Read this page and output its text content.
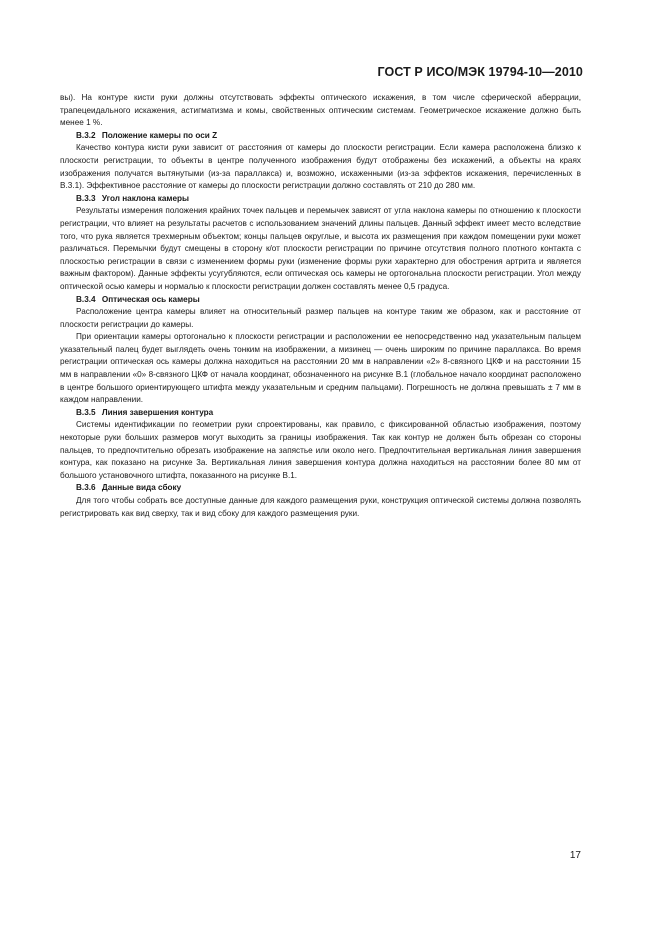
ГОСТ Р ИСО/МЭК 19794-10—2010

вы). На контуре кисти руки должны отсутствовать эффекты оптического искажения, в том числе сферической аберрации, трапецеидального искажения, астигматизма и комы, свойственных оптическим системам. Геометрическое искажение должно быть менее 1 %.

B.3.2 Положение камеры по оси Z

Качество контура кисти руки зависит от расстояния от камеры до плоскости регистрации. Если камера расположена близко к плоскости регистрации, то объекты в центре полученного изображения будут отображены без искажений, а объекты на краях изображения получатся вытянутыми (из-за параллакса) и, возможно, искаженными (из-за эффектов искажения, перечисленных в B.3.1). Эффективное расстояние от камеры до плоскости регистрации должно составлять от 210 до 280 мм.

B.3.3 Угол наклона камеры

Результаты измерения положения крайних точек пальцев и перемычек зависят от угла наклона камеры по отношению к плоскости регистрации, что влияет на результаты расчетов с использованием значений длины пальцев. Данный эффект имеет место вследствие того, что рука является трехмерным объектом; концы пальцев округлые, и высота их размещения при каждом помещении руки может различаться. Перемычки будут смещены в сторону к/от плоскости регистрации по причине отсутствия полного плотного контакта с плоскостью регистрации в связи с изменением формы руки (изменение формы руки характерно для обострения артрита и является важным фактором). Данные эффекты усугубляются, если оптическая ось камеры не ортогональна плоскости регистрации. Угол между оптической осью камеры и нормалью к плоскости регистрации должен составлять менее 0,5 градуса.

B.3.4 Оптическая ось камеры

Расположение центра камеры влияет на относительный размер пальцев на контуре таким же образом, как и расстояние от плоскости регистрации до камеры.

При ориентации камеры ортогонально к плоскости регистрации и расположении ее непосредственно над указательным пальцем указательный палец будет выглядеть очень тонким на изображении, а мизинец — очень широким по причине параллакса. Во время регистрации оптическая ось камеры должна находиться на расстоянии 20 мм в направлении «2» 8-связного ЦКФ и на расстоянии 15 мм в направлении «0» 8-связного ЦКФ от начала координат, обозначенного на рисунке B.1 (глобальное начало координат расположено в центре большого ориентирующего штифта между указательным и средним пальцами). Погрешность не должна превышать ± 7 мм в каждом направлении.

B.3.5 Линия завершения контура

Системы идентификации по геометрии руки спроектированы, как правило, с фиксированной областью изображения, поэтому некоторые руки больших размеров могут выходить за границы изображения. Так как контур не должен быть обрезан со стороны пальцев, то предпочтительно обрезать изображение на запястье или около него. Предпочтительная вертикальная линия завершения контура, как показано на рисунке 3а. Вертикальная линия завершения контура должна находиться на расстоянии более 80 мм от большого установочного штифта, показанного на рисунке B.1.

B.3.6 Данные вида сбоку

Для того чтобы собрать все доступные данные для каждого размещения руки, конструкция оптической системы должна позволять регистрировать как вид сверху, так и вид сбоку для каждого размещения руки.

17
